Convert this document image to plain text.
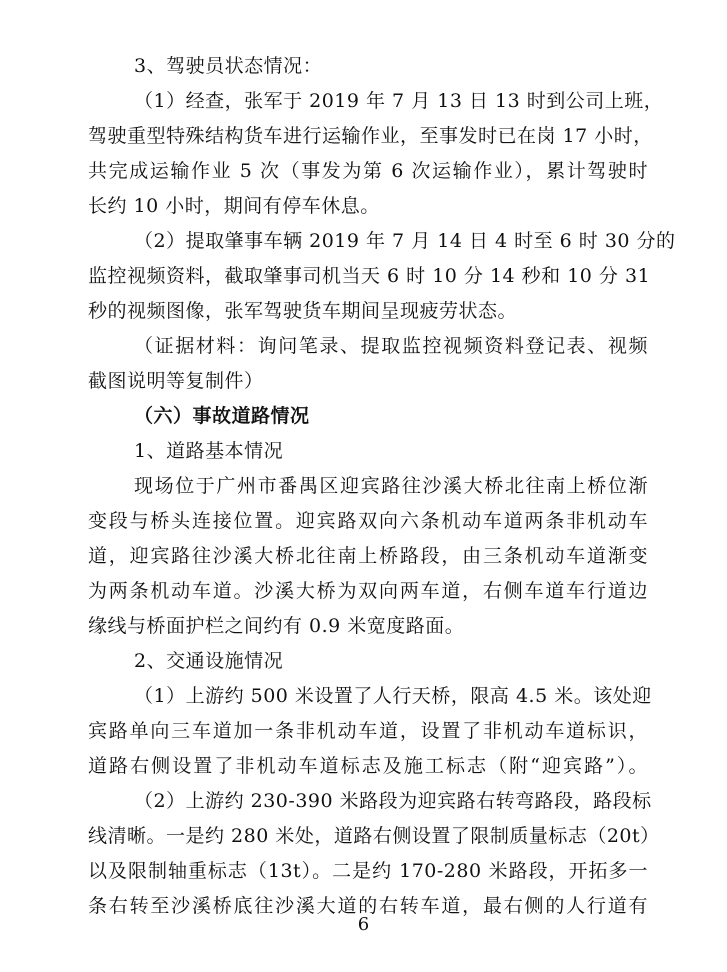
3、驾驶员状态情况：
（1）经查，张军于 2019 年 7 月 13 日 13 时到公司上班，
驾驶重型特殊结构货车进行运输作业，至事发时已在岗 17 小时，
共完成运输作业 5 次（事发为第 6 次运输作业），累计驾驶时
长约 10 小时，期间有停车休息。
（2）提取肇事车辆 2019 年 7 月 14 日 4 时至 6 时 30 分的
监控视频资料，截取肇事司机当天 6 时 10 分 14 秒和 10 分 31
秒的视频图像，张军驾驶货车期间呈现疲劳状态。
（证据材料：询问笔录、提取监控视频资料登记表、视频
截图说明等复制件）
（六）事故道路情况
1、道路基本情况
现场位于广州市番禺区迎宾路往沙溪大桥北往南上桥位渐
变段与桥头连接位置。迎宾路双向六条机动车道两条非机动车
道，迎宾路往沙溪大桥北往南上桥路段，由三条机动车道渐变
为两条机动车道。沙溪大桥为双向两车道，右侧车道车行道边
缘线与桥面护栏之间约有 0.9 米宽度路面。
2、交通设施情况
（1）上游约 500 米设置了人行天桥，限高 4.5 米。该处迎
宾路单向三车道加一条非机动车道，设置了非机动车道标识，
道路右侧设置了非机动车道标志及施工标志（附“迎宾路”）。
（2）上游约 230-390 米路段为迎宾路右转弯路段，路段标
线清晰。一是约 280 米处，道路右侧设置了限制质量标志（20t）
以及限制轴重标志（13t）。二是约 170-280 米路段，开拓多一
条右转至沙溪桥底往沙溪大道的右转车道，最右侧的人行道有
6
